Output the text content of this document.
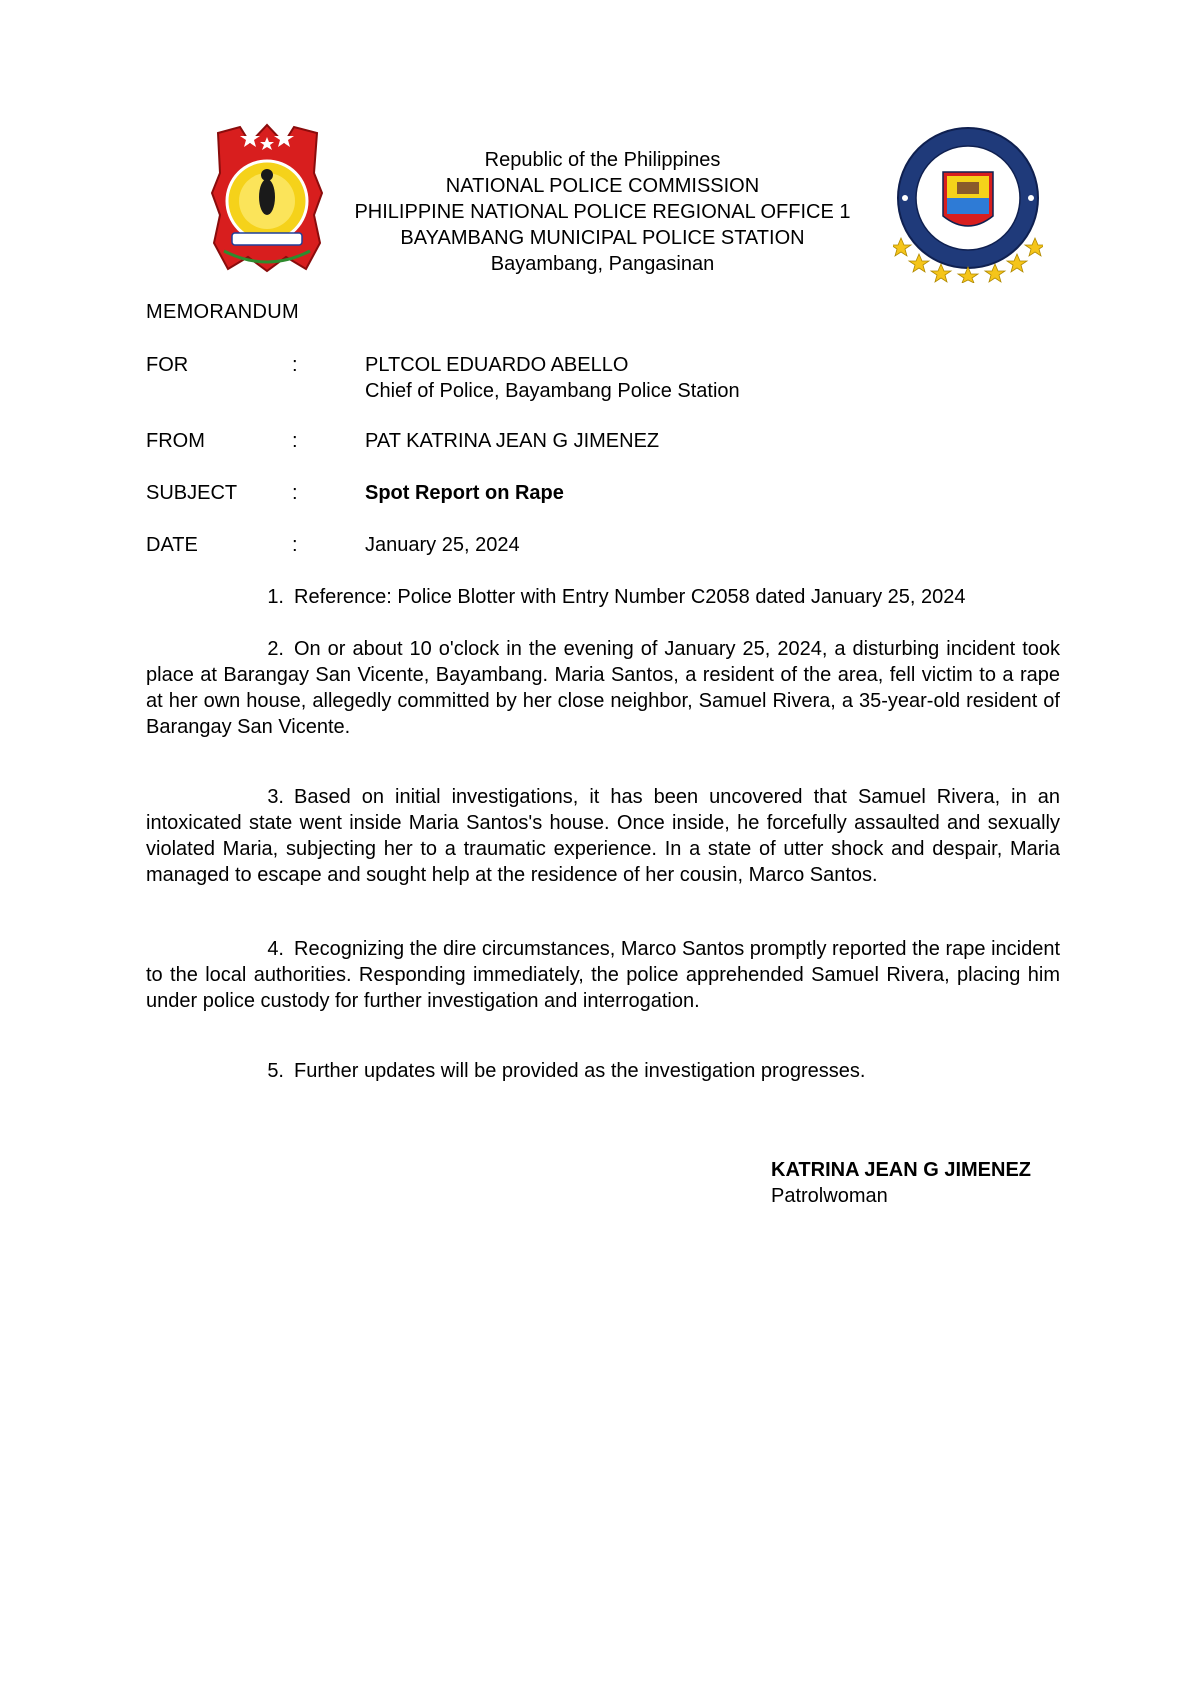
Republic of the Philippines
NATIONAL POLICE COMMISSION
PHILIPPINE NATIONAL POLICE REGIONAL OFFICE 1
BAYAMBANG MUNICIPAL POLICE STATION
Bayambang, Pangasinan
MEMORANDUM
FOR	:	PLTCOL EDUARDO ABELLO
Chief of Police, Bayambang Police Station
FROM	:	PAT KATRINA JEAN G JIMENEZ
SUBJECT	:	Spot Report on Rape
DATE	:	January 25, 2024
1. Reference: Police Blotter with Entry Number C2058 dated January 25, 2024
2. On or about 10 o'clock in the evening of January 25, 2024, a disturbing incident took place at Barangay San Vicente, Bayambang. Maria Santos, a resident of the area, fell victim to a rape at her own house, allegedly committed by her close neighbor, Samuel Rivera, a 35-year-old resident of Barangay San Vicente.
3. Based on initial investigations, it has been uncovered that Samuel Rivera, in an intoxicated state went inside Maria Santos's house. Once inside, he forcefully assaulted and sexually violated Maria, subjecting her to a traumatic experience. In a state of utter shock and despair, Maria managed to escape and sought help at the residence of her cousin, Marco Santos.
4. Recognizing the dire circumstances, Marco Santos promptly reported the rape incident to the local authorities. Responding immediately, the police apprehended Samuel Rivera, placing him under police custody for further investigation and interrogation.
5. Further updates will be provided as the investigation progresses.
KATRINA JEAN G JIMENEZ
Patrolwoman
